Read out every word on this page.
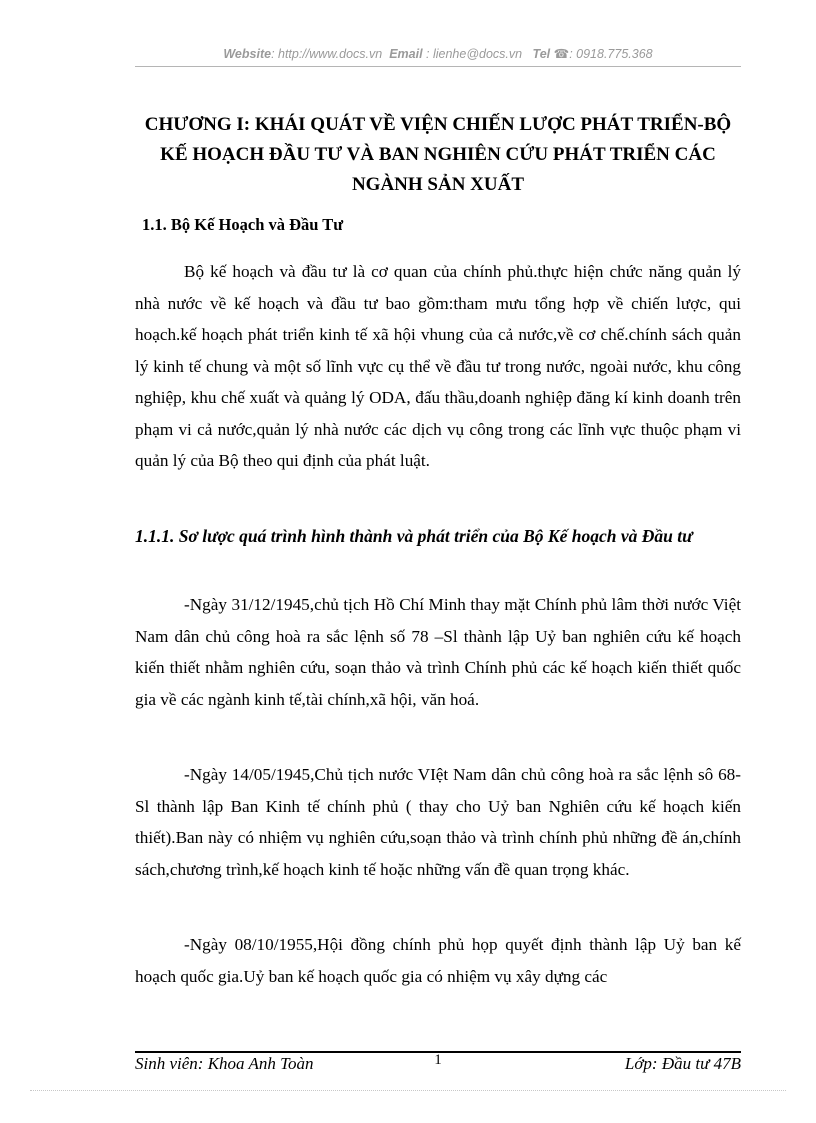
Website: http://www.docs.vn Email : lienhe@docs.vn Tel ☎: 0918.775.368
CHƯƠNG I: KHÁI QUÁT VỀ VIỆN CHIẾN LƯỢC PHÁT TRIỂN-BỘ KẾ HOẠCH ĐẦU TƯ VÀ BAN NGHIÊN CỨU PHÁT TRIỂN CÁC NGÀNH SẢN XUẤT
1.1. Bộ Kế Hoạch và Đầu Tư
Bộ kế hoạch và đầu tư là cơ quan của chính phủ.thực hiện chức năng quản lý nhà nước về kế hoạch và đầu tư bao gồm:tham mưu tổng hợp về chiến lược, qui hoạch.kế hoạch phát triển kinh tế xã hội vhung của cả nước,về cơ chế.chính sách quản lý kinh tế chung và một số lĩnh vực cụ thể về đầu tư trong nước, ngoài nước, khu công nghiệp, khu chế xuất và quảng lý ODA, đấu thầu,doanh nghiệp đăng kí kinh doanh trên phạm vi cả nước,quản lý nhà nước các dịch vụ công trong các lĩnh vực thuộc phạm vi quản lý của Bộ theo qui định của phát luật.
1.1.1. Sơ lược quá trình hình thành và phát triển của Bộ Kế hoạch và Đầu tư
-Ngày 31/12/1945,chủ tịch Hồ Chí Minh thay mặt Chính phủ lâm thời nước Việt Nam dân chủ công hoà ra sắc lệnh số 78 –Sl thành lập Uỷ ban nghiên cứu kế hoạch kiến thiết nhằm nghiên cứu, soạn thảo và trình Chính phủ các kế hoạch kiến thiết quốc gia về các ngành kinh tế,tài chính,xã hội, văn hoá.
-Ngày 14/05/1945,Chủ tịch nước VIệt Nam dân chủ công hoà ra sắc lệnh sô 68-Sl thành lập Ban Kinh tế chính phủ ( thay cho Uỷ ban Nghiên cứu kế hoạch kiến thiết).Ban này có nhiệm vụ nghiên cứu,soạn thảo và trình chính phủ những đề án,chính sách,chương trình,kế hoạch kinh tế hoặc những vấn đề quan trọng khác.
-Ngày 08/10/1955,Hội đồng chính phủ họp quyết định thành lập Uỷ ban kế hoạch quốc gia.Uỷ ban kế hoạch quốc gia có nhiệm vụ xây dựng các
Sinh viên: Khoa Anh Toàn	1	Lớp: Đầu tư 47B
